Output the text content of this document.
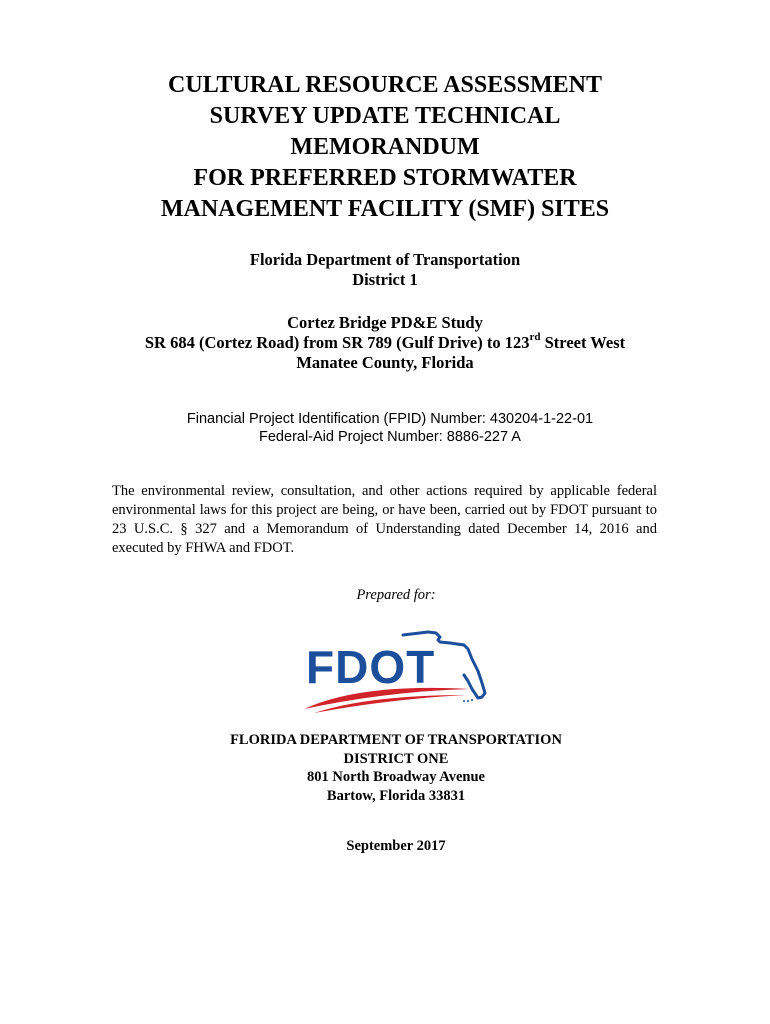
CULTURAL RESOURCE ASSESSMENT
SURVEY UPDATE TECHNICAL
MEMORANDUM
FOR PREFERRED STORMWATER
MANAGEMENT FACILITY (SMF) SITES
Florida Department of Transportation
District 1
Cortez Bridge PD&E Study
SR 684 (Cortez Road) from SR 789 (Gulf Drive) to 123rd Street West
Manatee County, Florida
Financial Project Identification (FPID) Number: 430204-1-22-01
Federal-Aid Project Number: 8886-227 A
The environmental review, consultation, and other actions required by applicable federal environmental laws for this project are being, or have been, carried out by FDOT pursuant to 23 U.S.C. § 327 and a Memorandum of Understanding dated December 14, 2016 and executed by FHWA and FDOT.
Prepared for:
FDOT
FLORIDA DEPARTMENT OF TRANSPORTATION
DISTRICT ONE
801 North Broadway Avenue
Bartow, Florida 33831
September 2017
